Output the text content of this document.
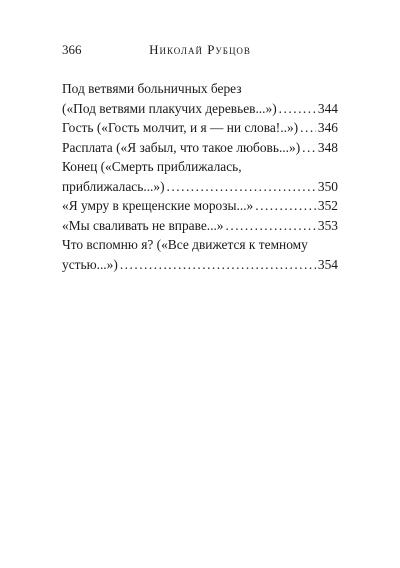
366	Николай Рубцов
Под ветвями больничных берез
(«Под ветвями плакучих деревьев...») .....	344
Гость («Гость молчит, и я — ни слова!..») ..... 346
Расплата («Я забыл, что такое любовь...») ..... 348
Конец («Смерть приближалась,
приближалась...») .....	350
«Я умру в крещенские морозы...» .....	352
«Мы сваливать не вправе...» .....	353
Что вспомню я? («Все движется к темному
устью...») .....	354
